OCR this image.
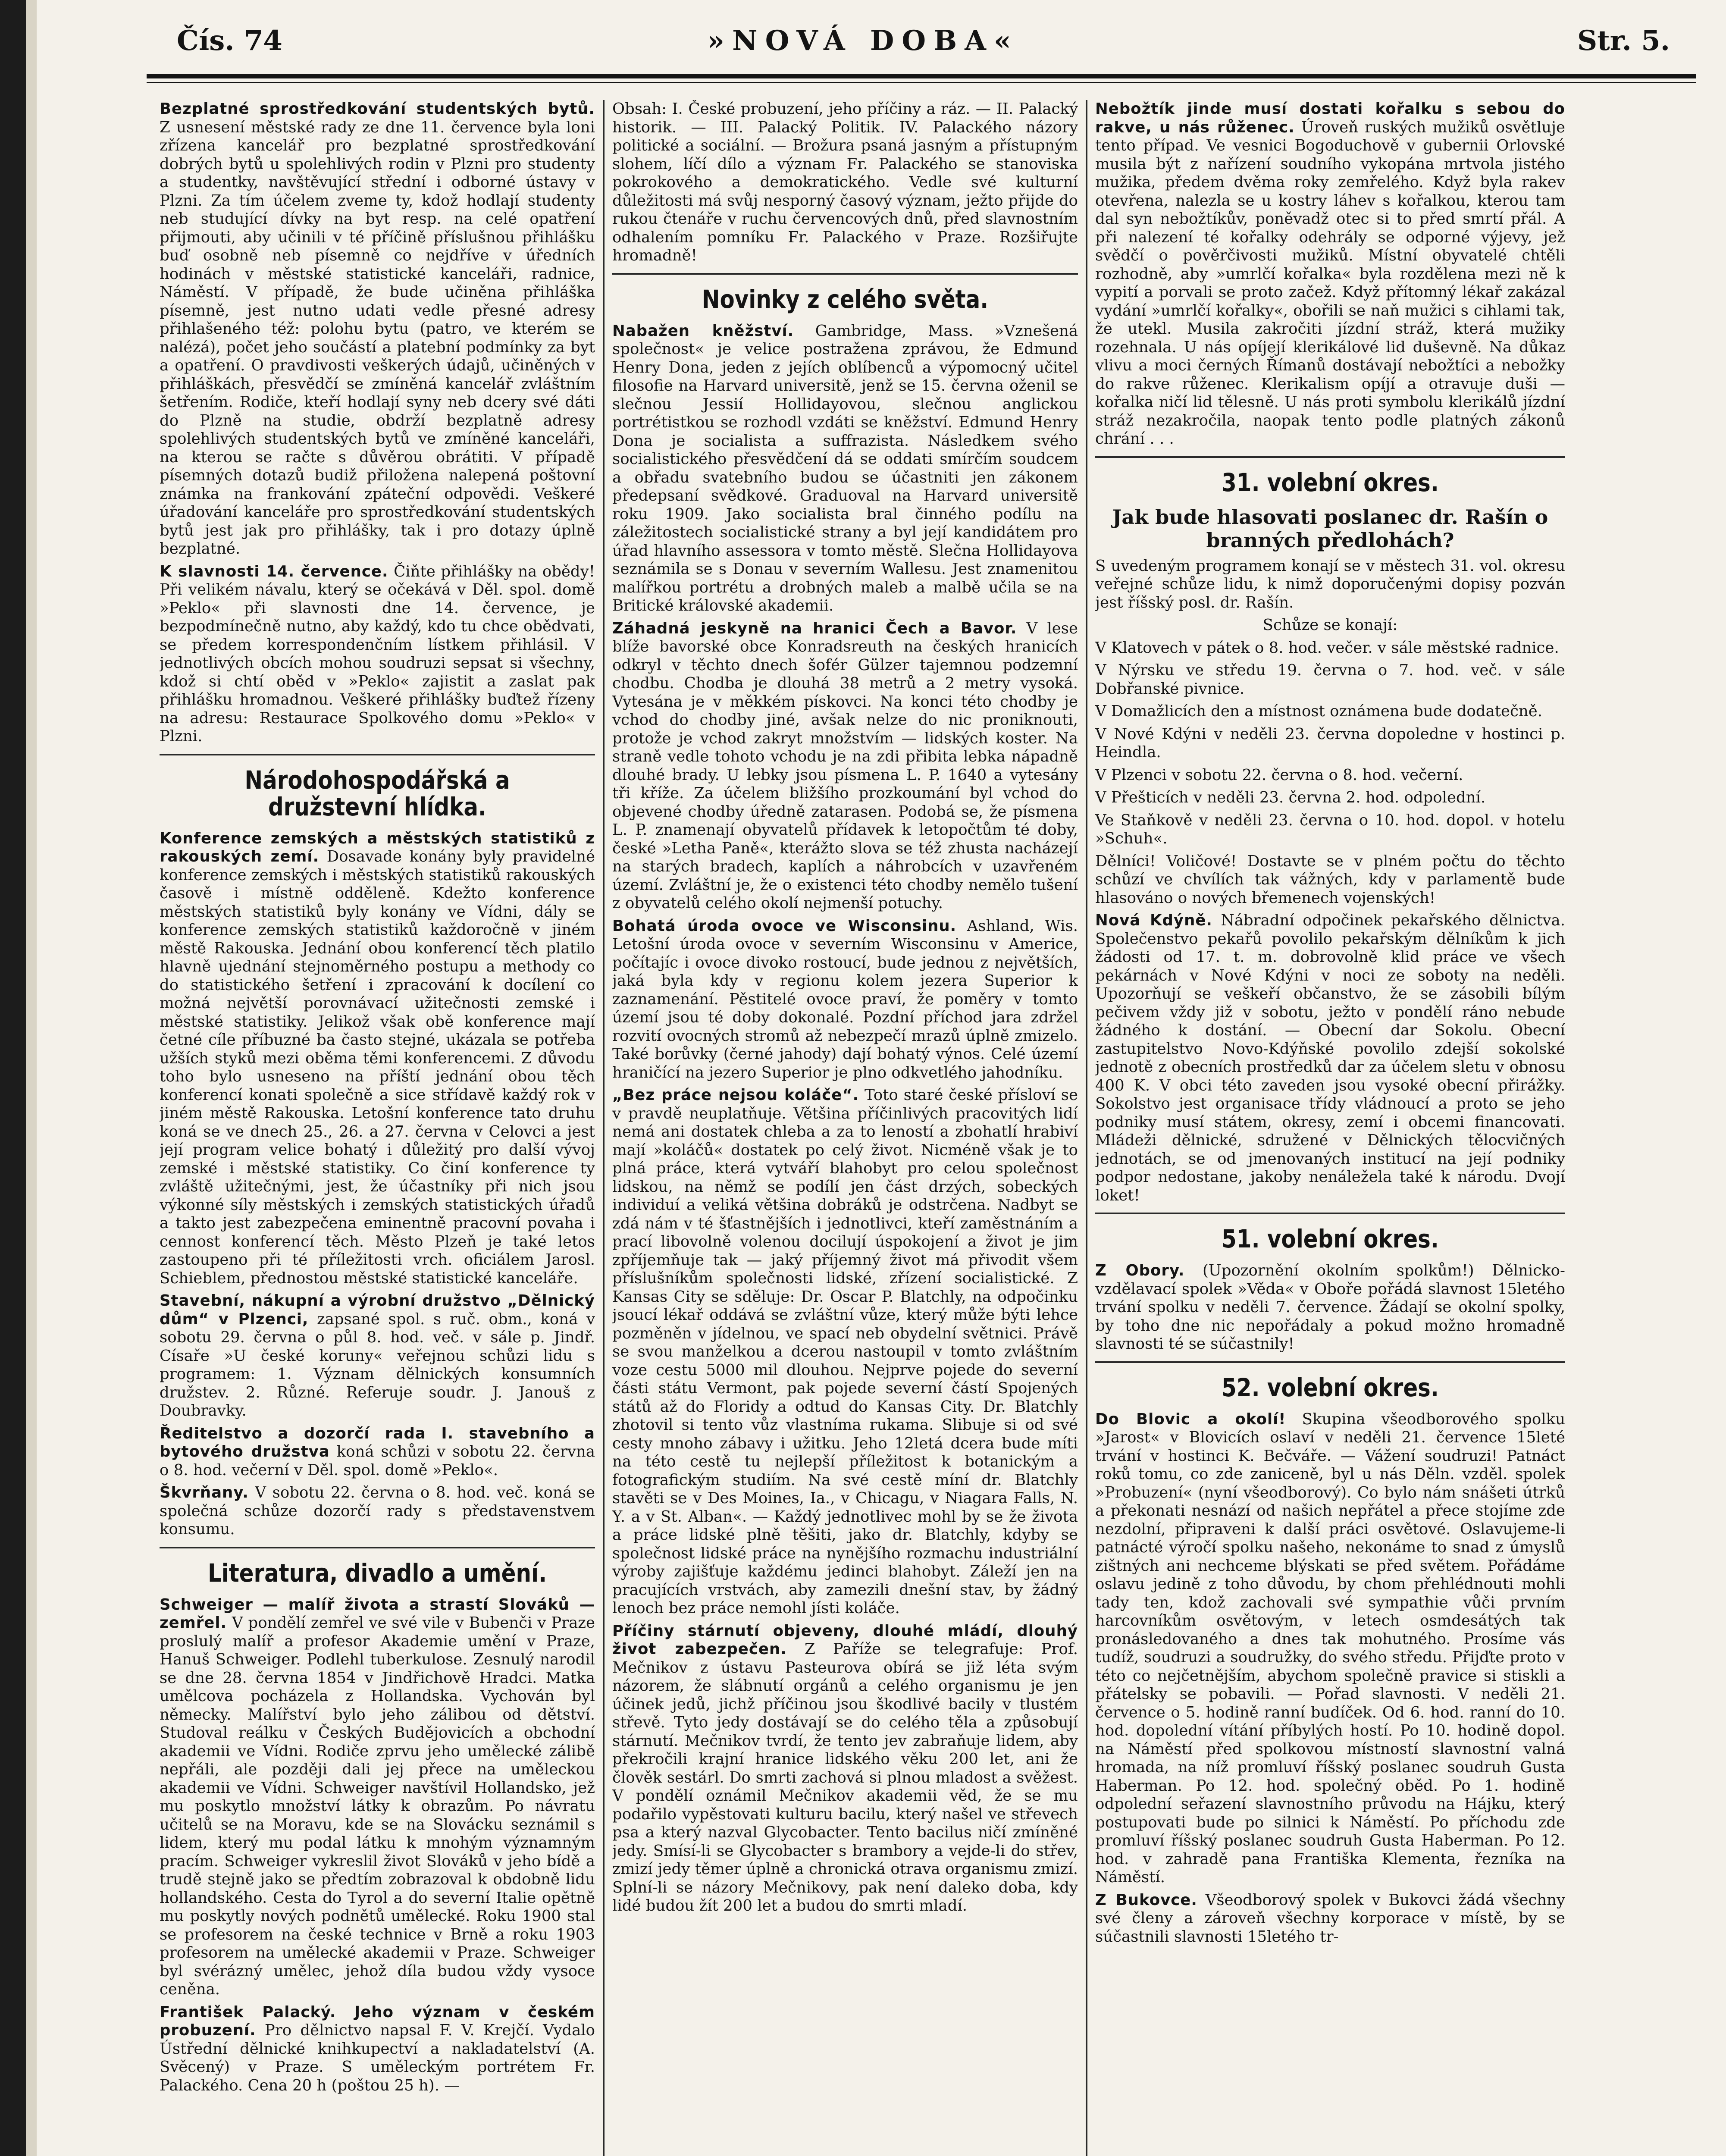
Čís. 74	»NOVÁ DOBA«	Str. 5.

Bezplatné sprostředkování studentských bytů. Z usnesení městské rady ze dne 11. července byla loni zřízena kancelář pro bezplatné sprostředkování dobrých bytů u spolehlivých rodin v Plzni pro studenty a studentky, navštěvující střední i odborné ústavy v Plzni. Za tím účelem zveme ty, kdož hodlají studenty neb studující dívky na byt resp. na celé opatření přijmouti, aby učinili v té příčině příslušnou přihlášku buď osobně neb písemně co nejdříve v úředních hodinách v městské statistické kanceláři, radnice, Náměstí. V případě, že bude učiněna přihláška písemně, jest nutno udati vedle přesné adresy přihlašeného též: polohu bytu (patro, ve kterém se nalézá), počet jeho součástí a platební podmínky za byt a opatření. O pravdivosti veškerých údajů, učiněných v přihláškách, přesvědčí se zmíněná kancelář zvláštním šetřením. Rodiče, kteří hodlají syny neb dcery své dáti do Plzně na studie, obdrží bezplatně adresy spolehlivých studentských bytů ve zmíněné kanceláři, na kterou se račte s důvěrou obrátiti. V případě písemných dotazů budiž přiložena nalepená poštovní známka na frankování zpáteční odpovědi. Veškeré úřadování kanceláře pro sprostředkování studentských bytů jest jak pro přihlášky, tak i pro dotazy úplně bezplatné.

K slavnosti 14. července. Čiňte přihlášky na obědy! Při velikém návalu, který se očekává v Děl. spol. domě »Peklo« při slavnosti dne 14. července, je bezpodmínečně nutno, aby každý, kdo tu chce obědvati, se předem korrespondenčním lístkem přihlásil. V jednotlivých obcích mohou soudruzi sepsat si všechny, kdož si chtí oběd v »Peklo« zajistit a zaslat pak přihlášku hromadnou. Veškeré přihlášky buďtež řízeny na adresu: Restaurace Spolkového domu »Peklo« v Plzni.

Národohospodářská a družstevní hlídka.

Konference zemských a městských statistiků z rakouských zemí. Dosavade konány byly pravidelné konference zemských i městských statistiků rakouských časově i místně odděleně. Kdežto konference městských statistiků byly konány ve Vídni, dály se konference zemských statistiků každoročně v jiném městě Rakouska. Jednání obou konferencí těch platilo hlavně ujednání stejnoměrného postupu a methody co do statistického šetření i zpracování k docílení co možná největší porovnávací užitečnosti zemské i městské statistiky. Jelikož však obě konference mají četné cíle příbuzné ba často stejné, ukázala se potřeba užších styků mezi oběma těmi konferencemi. Z důvodu toho bylo usneseno na příští jednání obou těch konferencí konati společně a sice střídavě každý rok v jiném městě Rakouska. Letošní konference tato druhu koná se ve dnech 25., 26. a 27. června v Celovci a jest její program velice bohatý i důležitý pro další vývoj zemské i městské statistiky. Co činí konference ty zvláště užitečnými, jest, že účastníky při nich jsou výkonné síly městských i zemských statistických úřadů a takto jest zabezpečena eminentně pracovní povaha i cennost konferencí těch. Město Plzeň je také letos zastoupeno při té příležitosti vrch. oficiálem Jarosl. Schieblem, přednostou městské statistické kanceláře.

Stavební, nákupní a výrobní družstvo „Dělnický dům“ v Plzenci, zapsané spol. s ruč. obm., koná v sobotu 29. června o půl 8. hod. več. v sále p. Jindř. Císaře »U české koruny« veřejnou schůzi lidu s programem: 1. Význam dělnických konsumních družstev. 2. Různé. Referuje soudr. J. Janouš z Doubravky.

Ředitelstvo a dozorčí rada I. stavebního a bytového družstva koná schůzi v sobotu 22. června o 8. hod. večerní v Děl. spol. domě »Peklo«.

Škvrňany. V sobotu 22. června o 8. hod. več. koná se společná schůze dozorčí rady s představenstvem konsumu.

Literatura, divadlo a umění.

Schweiger — malíř života a strastí Slováků — zemřel. V pondělí zemřel ve své vile v Bubenči v Praze proslulý malíř a profesor Akademie umění v Praze, Hanuš Schweiger. Podlehl tuberkulose. Zesnulý narodil se dne 28. června 1854 v Jindřichově Hradci. Matka umělcova pocházela z Hollandska. Vychován byl německy. Malířství bylo jeho zálibou od dětství. Studoval reálku v Českých Budějovicích a obchodní akademii ve Vídni. Rodiče zprvu jeho umělecké zálibě nepřáli, ale později dali jej přece na uměleckou akademii ve Vídni. Schweiger navštívil Hollandsko, jež mu poskytlo množství látky k obrazům. Po návratu učitelů se na Moravu, kde se na Slovácku seznámil s lidem, který mu podal látku k mnohým významným pracím. Schweiger vykreslil život Slováků v jeho bídě a trudě stejně jako se předtím zobrazoval k obdobně lidu hollandského. Cesta do Tyrol a do severní Italie opětně mu poskytly nových podnětů umělecké. Roku 1900 stal se profesorem na české technice v Brně a roku 1903 profesorem na umělecké akademii v Praze. Schweiger byl svérázný umělec, jehož díla budou vždy vysoce ceněna.

František Palacký. Jeho význam v českém probuzení. Pro dělnictvo napsal F. V. Krejčí. Vydalo Ústřední dělnické knihkupectví a nakladatelství (A. Svěcený) v Praze. S uměleckým portrétem Fr. Palackého. Cena 20 h (poštou 25 h). —

Obsah: I. České probuzení, jeho příčiny a ráz. — II. Palacký historik. — III. Palacký Politik. IV. Palackého názory politické a sociální. — Brožura psaná jasným a přístupným slohem, líčí dílo a význam Fr. Palackého se stanoviska pokrokového a demokratického. Vedle své kulturní důležitosti má svůj nesporný časový význam, ježto přijde do rukou čtenáře v ruchu červencových dnů, před slavnostním odhalením pomníku Fr. Palackého v Praze. Rozšiřujte hromadně!

Novinky z celého světa.

Nabažen kněžství. Gambridge, Mass. »Vznešená společnost« je velice postražena zprávou, že Edmund Henry Dona, jeden z jejích oblíbenců a výpomocný učitel filosofie na Harvard universitě, jenž se 15. června oženil se slečnou Jessií Hollidayovou, slečnou anglickou portrétistkou se rozhodl vzdáti se kněžství. Edmund Henry Dona je socialista a suffrazista. Následkem svého socialistického přesvědčení dá se oddati smírčím soudcem a obřadu svatebního budou se účastniti jen zákonem předepsaní svědkové. Graduoval na Harvard universitě roku 1909. Jako socialista bral činného podílu na záležitostech socialistické strany a byl její kandidátem pro úřad hlavního assessora v tomto městě. Slečna Hollidayova seznámila se s Donau v severním Wallesu. Jest znamenitou malířkou portrétu a drobných maleb a malbě učila se na Britické královské akademii.

Záhadná jeskyně na hranici Čech a Bavor. V lese blíže bavorské obce Konradsreuth na českých hranicích odkryl v těchto dnech šofér Gülzer tajemnou podzemní chodbu. Chodba je dlouhá 38 metrů a 2 metry vysoká. Vytesána je v měkkém pískovci. Na konci této chodby je vchod do chodby jiné, avšak nelze do nic proniknouti, protože je vchod zakryt množstvím — lidských koster. Na straně vedle tohoto vchodu je na zdi přibita lebka nápadně dlouhé brady. U lebky jsou písmena L. P. 1640 a vytesány tři kříže. Za účelem bližšího prozkoumání byl vchod do objevené chodby úředně zatarasen. Podobá se, že písmena L. P. znamenají obyvatelů přídavek k letopočtům té doby, české »Letha Paně«, kterážto slova se též zhusta nacházejí na starých bradech, kaplích a náhrobcích v uzavřeném území. Zvláštní je, že o existenci této chodby nemělo tušení z obyvatelů celého okolí nejmenší potuchy.

Bohatá úroda ovoce ve Wisconsinu. Ashland, Wis. Letošní úroda ovoce v severním Wisconsinu v Americe, počítajíc i ovoce divoko rostoucí, bude jednou z největších, jaká byla kdy v regionu kolem jezera Superior k zaznamenání. Pěstitelé ovoce praví, že poměry v tomto území jsou té doby dokonalé. Pozdní příchod jara zdržel rozvití ovocných stromů až nebezpečí mrazů úplně zmizelo. Také borůvky (černé jahody) dají bohatý výnos. Celé území hraničící na jezero Superior je plno odkvetlého jahodníku.

„Bez práce nejsou koláče“. Toto staré české přísloví se v pravdě neuplatňuje. Většina příčinlivých pracovitých lidí nemá ani dostatek chleba a za to leností a zbohatlí hrabiví mají »koláčů« dostatek po celý život. Nicméně však je to plná práce, která vytváří blahobyt pro celou společnost lidskou, na němž se podílí jen část drzých, sobeckých individuí a veliká většina dobráků je odstrčena. Nadbyt se zdá nám v té šťastnějších i jednotlivci, kteří zaměstnáním a prací libovolně volenou docilují úspokojení a život je jim zpříjemňuje tak — jaký příjemný život má přivodit všem příslušníkům společnosti lidské, zřízení socialistické. Z Kansas City se sděluje: Dr. Oscar P. Blatchly, na odpočinku jsoucí lékař oddává se zvláštní vůze, který může býti lehce pozměněn v jídelnou, ve spací neb obydelní světnici. Právě se svou manželkou a dcerou nastoupil v tomto zvláštním voze cestu 5000 mil dlouhou. Nejprve pojede do severní části státu Vermont, pak pojede severní částí Spojených států až do Floridy a odtud do Kansas City. Dr. Blatchly zhotovil si tento vůz vlastníma rukama. Slibuje si od své cesty mnoho zábavy i užitku. Jeho 12letá dcera bude míti na této cestě tu nejlepší příležitost k botanickým a fotografickým studiím. Na své cestě míní dr. Blatchly stavěti se v Des Moines, Ia., v Chicagu, v Niagara Falls, N. Y. a v St. Alban«. — Každý jednotlivec mohl by se že života a práce lidské plně těšiti, jako dr. Blatchly, kdyby se společnost lidské práce na nynějšího rozmachu industriální výroby zajišťuje každému jedinci blahobyt. Záleží jen na pracujících vrstvách, aby zamezili dnešní stav, by žádný lenoch bez práce nemohl jísti koláče.

Příčiny stárnutí objeveny, dlouhé mládí, dlouhý život zabezpečen. Z Paříže se telegrafuje: Prof. Mečnikov z ústavu Pasteurova obírá se již léta svým názorem, že slábnutí orgánů a celého organismu je jen účinek jedů, jichž příčinou jsou škodlivé bacily v tlustém střevě. Tyto jedy dostávají se do celého těla a způsobují stárnutí. Mečnikov tvrdí, že tento jev zabraňuje lidem, aby překročili krajní hranice lidského věku 200 let, ani že člověk sestárl. Do smrti zachová si plnou mladost a svěžest. V pondělí oznámil Mečnikov akademii věd, že se mu podařilo vypěstovati kulturu bacilu, který našel ve střevech psa a který nazval Glycobacter. Tento bacilus ničí zmíněné jedy. Smísí-li se Glycobacter s brambory a vejde-li do střev, zmizí jedy těmer úplně a chronická otrava organismu zmizí. Splní-li se názory Mečnikovy, pak není daleko doba, kdy lidé budou žít 200 let a budou do smrti mladí.

Nebožtík jinde musí dostati kořalku s sebou do rakve, u nás růženec. Úroveň ruských mužiků osvětluje tento případ. Ve vesnici Bogoduchově v gubernii Orlovské musila být z nařízení soudního vykopána mrtvola jistého mužika, předem dvěma roky zemřelého. Když byla rakev otevřena, nalezla se u kostry láhev s kořalkou, kterou tam dal syn nebožtíkův, poněvadž otec si to před smrtí přál. A při nalezení té kořalky odehrály se odporné výjevy, jež svědčí o pověrčivosti mužiků. Místní obyvatelé chtěli rozhodně, aby »umrlčí kořalka« byla rozdělena mezi ně k vypití a porvali se proto začež. Když přítomný lékař zakázal vydání »umrlčí kořalky«, obořili se naň mužici s cihlami tak, že utekl. Musila zakročiti jízdní stráž, která mužiky rozehnala. U nás opíjejí klerikálové lid duševně. Na důkaz vlivu a moci černých Římanů dostávají nebožtíci a nebožky do rakve růženec. Klerikalism opíjí a otravuje duši — kořalka ničí lid tělesně. U nás proti symbolu klerikálů jízdní stráž nezakročila, naopak tento podle platných zákonů chrání . . .

31. volební okres.
Jak bude hlasovati poslanec dr. Rašín o branných předlohách?

S uvedeným programem konají se v městech 31. vol. okresu veřejné schůze lidu, k nimž doporučenými dopisy pozván jest říšský posl. dr. Rašín.

Schůze se konají:

V Klatovech v pátek o 8. hod. večer. v sále městské radnice.

V Nýrsku ve středu 19. června o 7. hod. več. v sále Dobřanské pivnice.

V Domažlicích den a místnost oznámena bude dodatečně.

V Nové Kdýni v neděli 23. června dopoledne v hostinci p. Heindla.

V Plzenci v sobotu 22. června o 8. hod. večerní.

V Přešticích v neděli 23. června 2. hod. odpolední.

Ve Staňkově v neděli 23. června o 10. hod. dopol. v hotelu »Schuh«.

Dělníci! Voličové! Dostavte se v plném počtu do těchto schůzí ve chvílích tak vážných, kdy v parlamentě bude hlasováno o nových břemenech vojenských!

Nová Kdýně. Nábradní odpočinek pekařského dělnictva. Společenstvo pekařů povolilo pekařským dělníkům k jich žádosti od 17. t. m. dobrovolně klid práce ve všech pekárnách v Nové Kdýni v noci ze soboty na neděli. Upozorňují se veškeří občanstvo, že se zásobili bílým pečivem vždy již v sobotu, ježto v pondělí ráno nebude žádného k dostání. — Obecní dar Sokolu. Obecní zastupitelstvo Novo-Kdýňské povolilo zdejší sokolské jednotě z obecních prostředků dar za účelem sletu v obnosu 400 K. V obci této zaveden jsou vysoké obecní přirážky. Sokolstvo jest organisace třídy vládnoucí a proto se jeho podniky musí státem, okresy, zemí i obcemi financovati. Mládeži dělnické, sdružené v Dělnických tělocvičných jednotách, se od jmenovaných institucí na její podniky podpor nedostane, jakoby nenáležela také k národu. Dvojí loket!

51. volební okres.

Z Obory. (Upozornění okolním spolkům!) Dělnicko-vzdělavací spolek »Věda« v Oboře pořádá slavnost 15letého trvání spolku v neděli 7. července. Žádají se okolní spolky, by toho dne nic nepořádaly a pokud možno hromadně slavnosti té se súčastnily!

52. volební okres.

Do Blovic a okolí! Skupina všeodborového spolku »Jarost« v Blovicích oslaví v neděli 21. července 15leté trvání v hostinci K. Bečváře. — Vážení soudruzi! Patnáct roků tomu, co zde zaniceně, byl u nás Děln. vzděl. spolek »Probuzení« (nyní všeodborový). Co bylo nám snášeti útrků a překonati nesnází od našich nepřátel a přece stojíme zde nezdolní, připraveni k další práci osvětové. Oslavujeme-li patnácté výročí spolku našeho, nekonáme to snad z úmyslů zištných ani nechceme blýskati se před světem. Pořádáme oslavu jedině z toho důvodu, by chom přehlédnouti mohli tady ten, kdož zachovali své sympathie vůči prvním harcovníkům osvětovým, v letech osmdesátých tak pronásledovaného a dnes tak mohutného. Prosíme vás tudíž, soudruzi a soudružky, do svého středu. Přijďte proto v této co nejčetnějším, abychom společně pravice si stiskli a přátelsky se pobavili. — Pořad slavnosti. V neděli 21. července o 5. hodině ranní budíček. Od 6. hod. ranní do 10. hod. dopolední vítání příbylých hostí. Po 10. hodině dopol. na Náměstí před spolkovou místností slavnostní valná hromada, na níž promluví říšský poslanec soudruh Gusta Haberman. Po 12. hod. společný oběd. Po 1. hodině odpolední seřazení slavnostního průvodu na Hájku, který postupovati bude po silnici k Náměstí. Po příchodu zde promluví říšský poslanec soudruh Gusta Haberman. Po 12. hod. v zahradě pana Františka Klementa, řezníka na Náměstí.

Z Bukovce. Všeodborový spolek v Bukovci žádá všechny své členy a zároveň všechny korporace v místě, by se súčastnili slavnosti 15letého tr-
